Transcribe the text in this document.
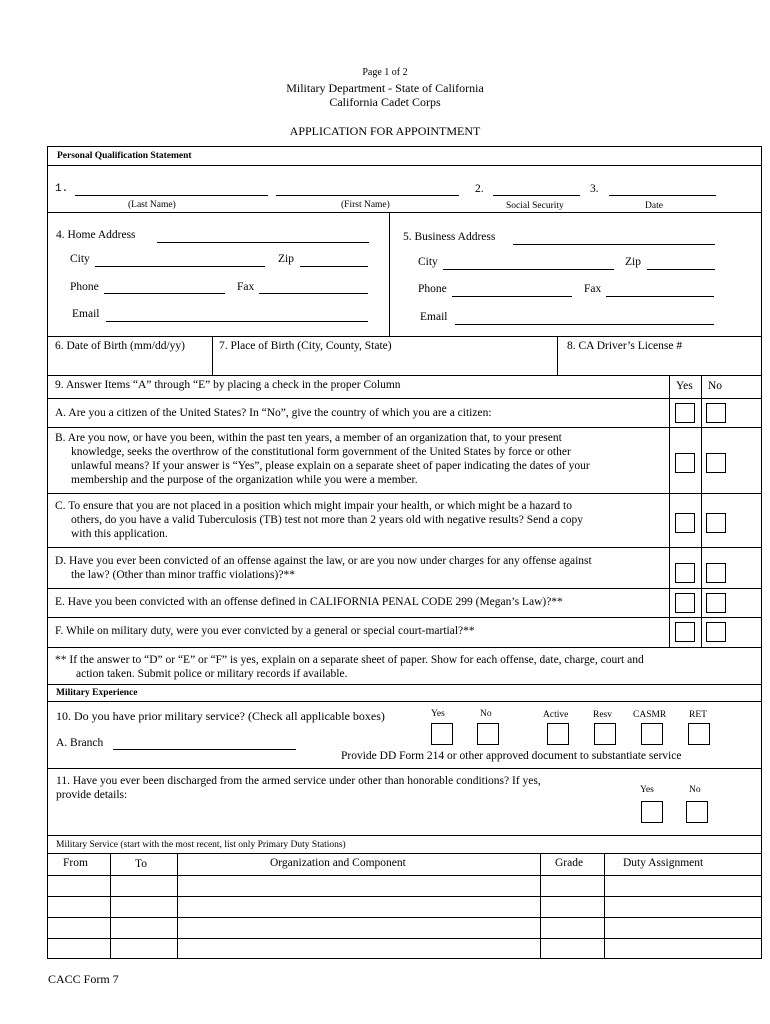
Page 1 of 2
Military Department - State of California
California Cadet Corps
APPLICATION FOR APPOINTMENT
Personal Qualification Statement
1.	2.	3.
(Last Name)	(First Name)	Social Security	Date
4. Home Address
City	Zip
Phone	Fax
Email
5. Business Address
City	Zip
Phone	Fax
Email
6. Date of Birth (mm/dd/yy)	7. Place of Birth (City, County, State)	8. CA Driver’s License #
9. Answer Items “A” through “E” by placing a check in the proper Column	Yes No
A. Are you a citizen of the United States? In “No”, give the country of which you are a citizen:
B. Are you now, or have you been, within the past ten years, a member of an organization that, to your present
knowledge, seeks the overthrow of the constitutional form government of the United States by force or other
unlawful means? If your answer is “Yes”, please explain on a separate sheet of paper indicating the dates of your
membership and the purpose of the organization while you were a member.
C. To ensure that you are not placed in a position which might impair your health, or which might be a hazard to
others, do you have a valid Tuberculosis (TB) test not more than 2 years old with negative results? Send a copy
with this application.
D. Have you ever been convicted of an offense against the law, or are you now under charges for any offense against
the law? (Other than minor traffic violations)?**
E. Have you been convicted with an offense defined in CALIFORNIA PENAL CODE 299 (Megan’s Law)?**
F. While on military duty, were you ever convicted by a general or special court-martial?**
** If the answer to “D” or “E” or “F” is yes, explain on a separate sheet of paper. Show for each offense, date, charge, court and
action taken. Submit police or military records if available.
Military Experience
10. Do you have prior military service? (Check all applicable boxes)	Yes	No	Active	Resv CASMR RET
A. Branch
Provide DD Form 214 or other approved document to substantiate service
11. Have you ever been discharged from the armed service under other than honorable conditions? If yes,
provide details:	Yes	No
Military Service (start with the most recent, list only Primary Duty Stations)
From	To	Organization and Component	Grade	Duty Assignment
CACC Form 7
